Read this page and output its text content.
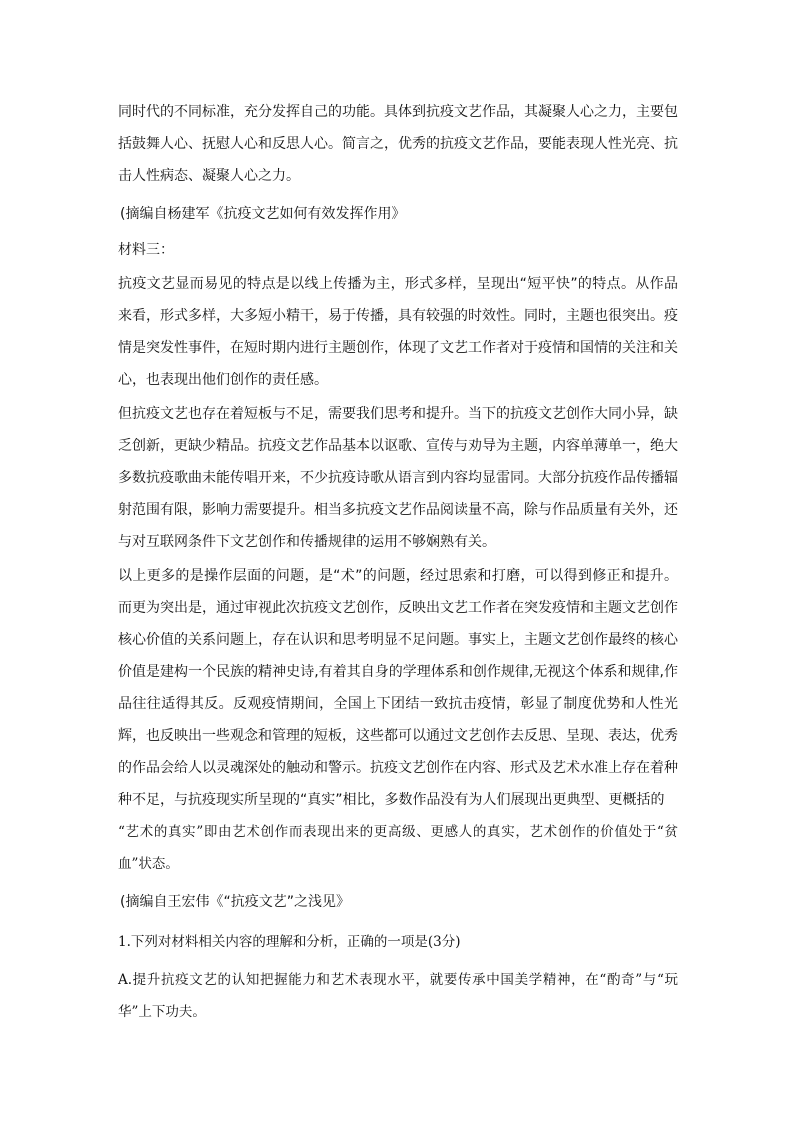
同时代的不同标准，充分发挥自己的功能。具体到抗疫文艺作品，其凝聚人心之力，主要包括鼓舞人心、抚慰人心和反思人心。简言之，优秀的抗疫文艺作品，要能表现人性光亮、抗击人性病态、凝聚人心之力。

(摘编自杨建军《抗疫文艺如何有效发挥作用》

材料三：

抗疫文艺显而易见的特点是以线上传播为主，形式多样，呈现出“短平快”的特点。从作品来看，形式多样，大多短小精干，易于传播，具有较强的时效性。同时，主题也很突出。疫情是突发性事件，在短时期内进行主题创作，体现了文艺工作者对于疫情和国情的关注和关心，也表现出他们创作的责任感。

但抗疫文艺也存在着短板与不足，需要我们思考和提升。当下的抗疫文艺创作大同小异，缺乏创新，更缺少精品。抗疫文艺作品基本以讴歌、宣传与劝导为主题，内容单薄单一，绝大多数抗疫歌曲未能传唱开来，不少抗疫诗歌从语言到内容均显雷同。大部分抗疫作品传播辐射范围有限，影响力需要提升。相当多抗疫文艺作品阅读量不高，除与作品质量有关外，还与对互联网条件下文艺创作和传播规律的运用不够娴熟有关。

以上更多的是操作层面的问题，是“术”的问题，经过思索和打磨，可以得到修正和提升。而更为突出是，通过审视此次抗疫文艺创作，反映出文艺工作者在突发疫情和主题文艺创作核心价值的关系问题上，存在认识和思考明显不足问题。事实上，主题文艺创作最终的核心价值是建构一个民族的精神史诗,有着其自身的学理体系和创作规律,无视这个体系和规律,作品往往适得其反。反观疫情期间，全国上下团结一致抗击疫情，彰显了制度优势和人性光辉，也反映出一些观念和管理的短板，这些都可以通过文艺创作去反思、呈现、表达，优秀的作品会给人以灵魂深处的触动和警示。抗疫文艺创作在内容、形式及艺术水准上存在着种种不足，与抗疫现实所呈现的“真实”相比，多数作品没有为人们展现出更典型、更概括的

“艺术的真实”即由艺术创作而表现出来的更高级、更感人的真实，艺术创作的价值处于“贫血”状态。

(摘编自王宏伟《“抗疫文艺”之浅见》

1.下列对材料相关内容的理解和分析，正确的一项是(3分)

A.提升抗疫文艺的认知把握能力和艺术表现水平，就要传承中国美学精神，在“酌奇”与“玩华”上下功夫。
